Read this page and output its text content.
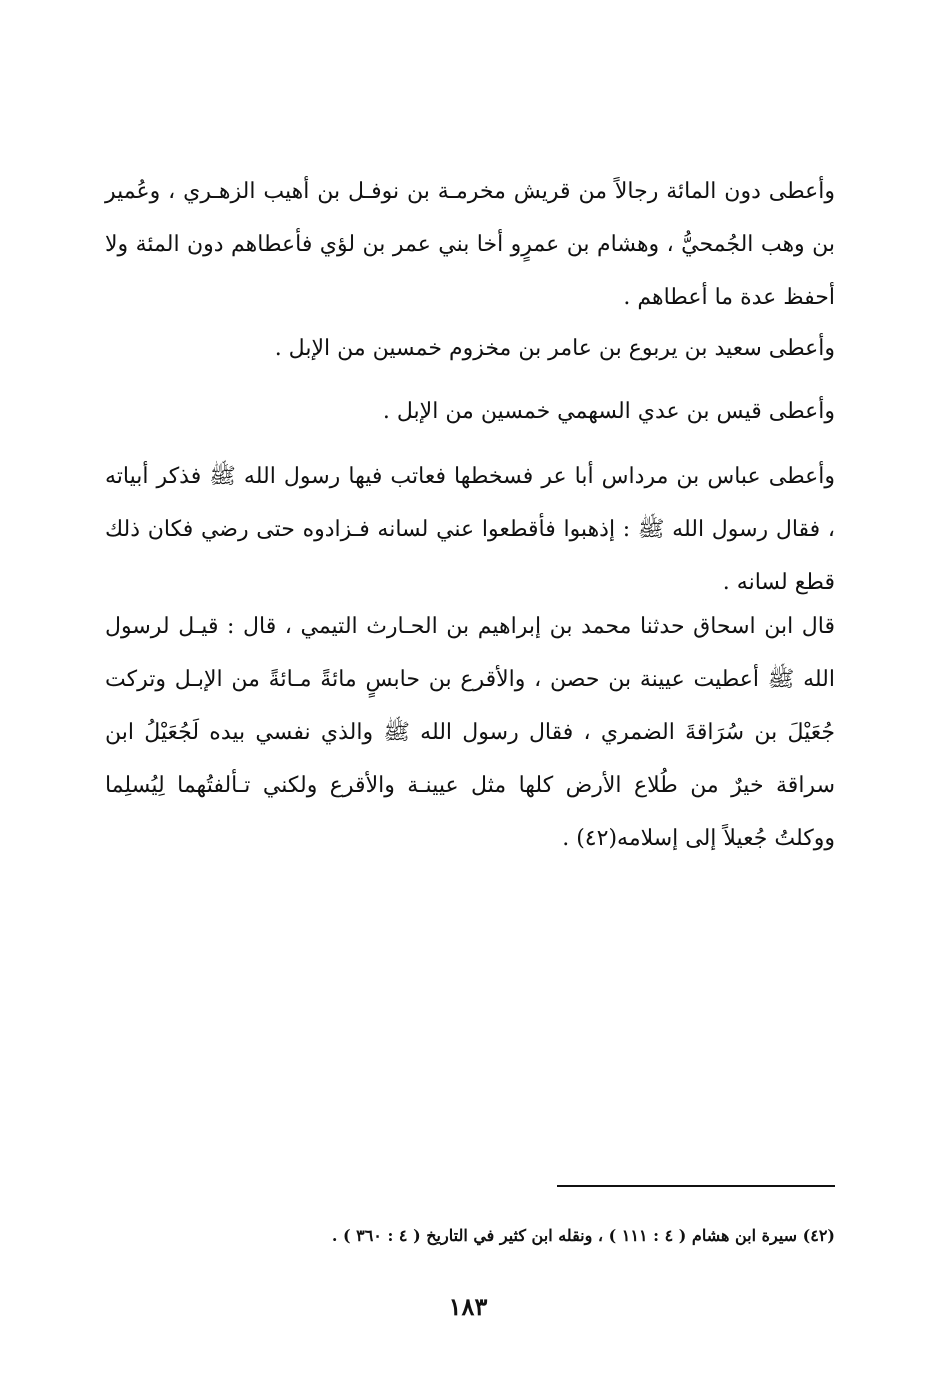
وأعطى دون المائة رجالاً من قريش مخرمـة بن نوفـل بن أهيب الزهـري ، وعُمير بن وهب الجُمحيُّ ، وهشام بن عمرٍو أخا بني عمر بن لؤي فأعطاهم دون المئة ولا أحفظ عدة ما أعطاهم .

وأعطى سعيد بن يربوع بن عامر بن مخزوم خمسين من الإبل .

وأعطى قيس بن عدي السهمي خمسين من الإبل .

وأعطى عباس بن مرداس أبا عر فسخطها فعاتب فيها رسول الله ﷺ فذكر أبياته ، فقال رسول الله ﷺ : إذهبوا فأقطعوا عني لسانه فـزادوه حتى رضي فكان ذلك قطع لسانه .

قال ابن اسحاق حدثنا محمد بن إبراهيم بن الحـارث التيمي ، قال : قيـل لرسول الله ﷺ أعطيت عيينة بن حصن ، والأقرع بن حابسٍ مائةً مـائةً من الإبـل وتركت جُعَيْلَ بن سُرَاقةَ الضمري ، فقال رسول الله ﷺ والذي نفسي بيده لَجُعَيْلُ ابن سراقة خيرٌ من طُلاع الأرض كلها مثل عيينـة والأقرع ولكني تـألفتُهما لِيُسلِما ووكلتُ جُعيلاً إلى إسلامه(٤٢) .

(٤٢) سيرة ابن هشام ( ٤ : ١١١ ) ، ونقله ابن كثير في التاريخ ( ٤ : ٣٦٠ ) .
١٨٣
